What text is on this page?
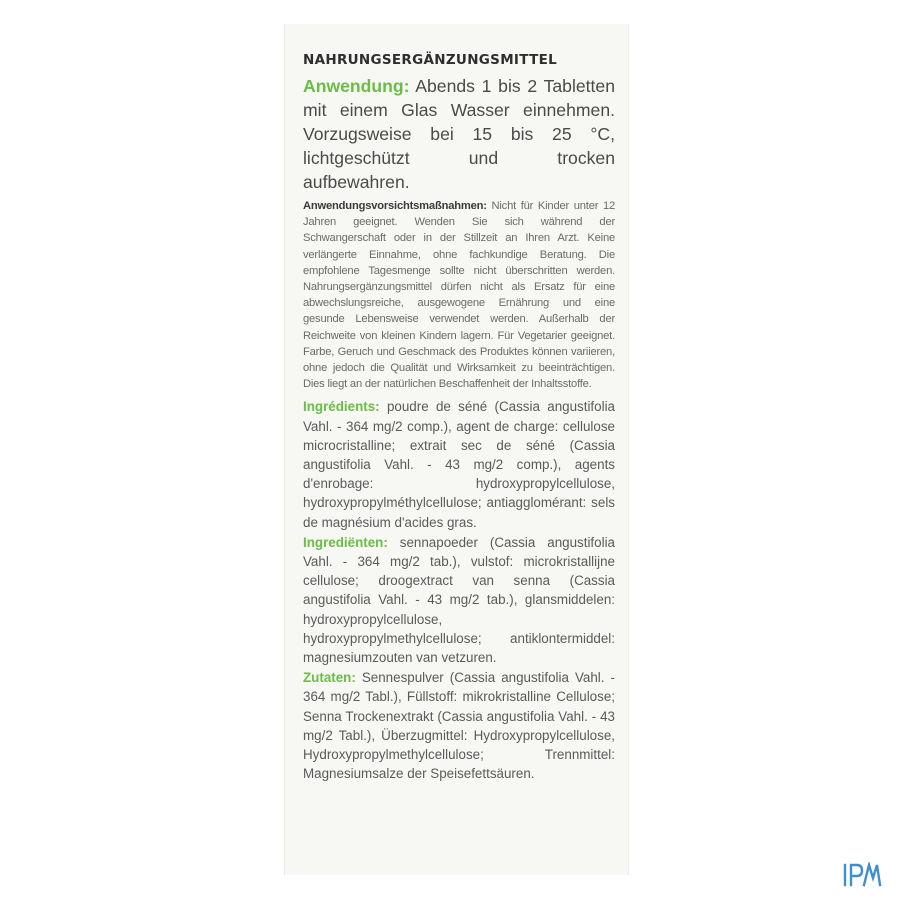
NAHRUNGSERGÄNZUNGSMITTEL

Anwendung: Abends 1 bis 2 Tabletten mit einem Glas Wasser einnehmen. Vorzugsweise bei 15 bis 25 °C, lichtgeschützt und trocken aufbewahren.

Anwendungsvorsichtsmaßnahmen: Nicht für Kinder unter 12 Jahren geeignet. Wenden Sie sich während der Schwangerschaft oder in der Stillzeit an Ihren Arzt. Keine verlängerte Einnahme, ohne fachkundige Beratung. Die empfohlene Tagesmenge sollte nicht überschritten werden. Nahrungsergänzungsmittel dürfen nicht als Ersatz für eine abwechslungsreiche, ausgewogene Ernährung und eine gesunde Lebensweise verwendet werden. Außerhalb der Reichweite von kleinen Kindern lagern. Für Vegetarier geeignet. Farbe, Geruch und Geschmack des Produktes können variieren, ohne jedoch die Qualität und Wirksamkeit zu beeinträchtigen. Dies liegt an der natürlichen Beschaffenheit der Inhaltsstoffe.

Ingrédients: poudre de séné (Cassia angustifolia Vahl. - 364 mg/2 comp.), agent de charge: cellulose microcristalline; extrait sec de séné (Cassia angustifolia Vahl. - 43 mg/2 comp.), agents d'enrobage: hydroxypropylcellulose, hydroxypropylméthylcellulose; antiagglomérant: sels de magnésium d'acides gras.

Ingrediënten: sennapoeder (Cassia angustifolia Vahl. - 364 mg/2 tab.), vulstof: microkristallijne cellulose; droogextract van senna (Cassia angustifolia Vahl. - 43 mg/2 tab.), glansmiddelen: hydroxypropylcellulose, hydroxypropylmethylcellulose; antiklontermiddel: magnesiumzouten van vetzuren.

Zutaten: Sennespulver (Cassia angustifolia Vahl. - 364 mg/2 Tabl.), Füllstoff: mikrokristalline Cellulose; Senna Trockenextrakt (Cassia angustifolia Vahl. - 43 mg/2 Tabl.), Überzugmittel: Hydroxypropylcellulose, Hydroxypropylmethylcellulose; Trennmittel: Magnesiumsalze der Speisefettsäuren.
